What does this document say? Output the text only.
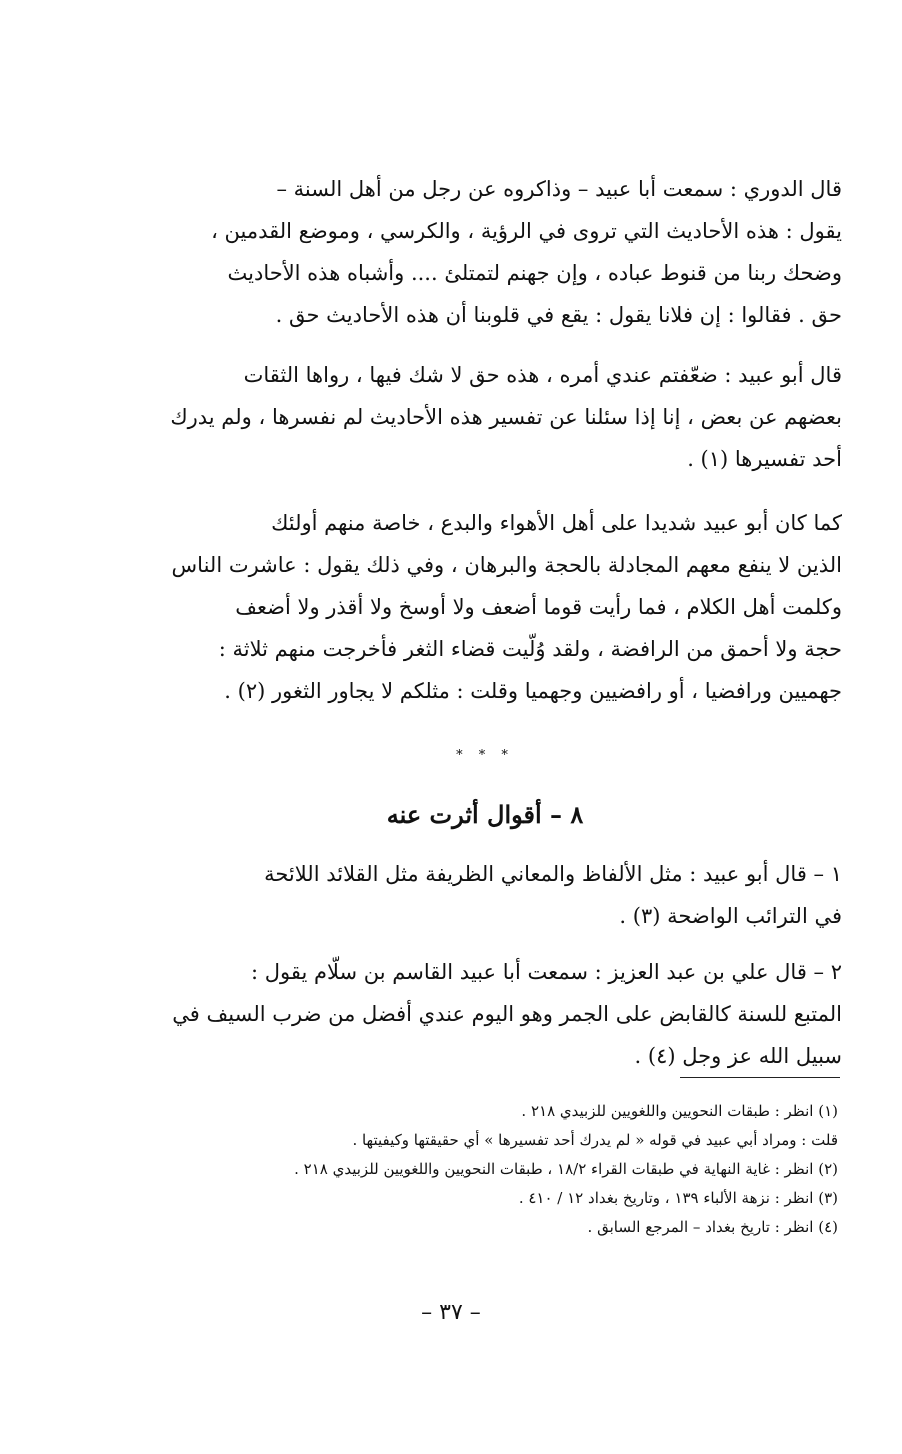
قال الدوري : سمعت أبا عبيد – وذاكروه عن رجل من أهل السنة –
يقول : هذه الأحاديث التي تروى في الرؤية ، والكرسي ، وموضع القدمين ،
وضحك ربنا من قنوط عباده ، وإن جهنم لتمتلئ .... وأشباه هذه الأحاديث
حق . فقالوا : إن فلانا يقول : يقع في قلوبنا أن هذه الأحاديث حق .
قال أبو عبيد : ضعّفتم عندي أمره ، هذه حق لا شك فيها ، رواها الثقات
بعضهم عن بعض ، إنا إذا سئلنا عن تفسير هذه الأحاديث لم نفسرها ، ولم يدرك
أحد تفسيرها (١) .
كما كان أبو عبيد شديدا على أهل الأهواء والبدع ، خاصة منهم أولئك
الذين لا ينفع معهم المجادلة بالحجة والبرهان ، وفي ذلك يقول : عاشرت الناس
وكلمت أهل الكلام ، فما رأيت قوما أضعف ولا أوسخ ولا أقذر ولا أضعف
حجة ولا أحمق من الرافضة ، ولقد وُلّيت قضاء الثغر فأخرجت منهم ثلاثة :
جهميين ورافضيا ، أو رافضيين وجهميا وقلت : مثلكم لا يجاور الثغور (٢) .
* * *
٨ – أقوال أثرت عنه
١ – قال أبو عبيد : مثل الألفاظ والمعاني الظريفة مثل القلائد اللائحة
في الترائب الواضحة (٣) .
٢ – قال علي بن عبد العزيز : سمعت أبا عبيد القاسم بن سلّام يقول :
المتبع للسنة كالقابض على الجمر وهو اليوم عندي أفضل من ضرب السيف في
سبيل الله عز وجل (٤) .
(١) انظر : طبقات النحويين واللغويين للزبيدي ٢١٨ .
قلت : ومراد أبي عبيد في قوله « لم يدرك أحد تفسيرها » أي حقيقتها وكيفيتها .
(٢) انظر : غاية النهاية في طبقات القراء ١٨/٢ ، طبقات النحويين واللغويين للزبيدي ٢١٨ .
(٣) انظر : نزهة الألباء ١٣٩ ، وتاريخ بغداد ١٢ / ٤١٠ .
(٤) انظر : تاريخ بغداد – المرجع السابق .
– ٣٧ –
